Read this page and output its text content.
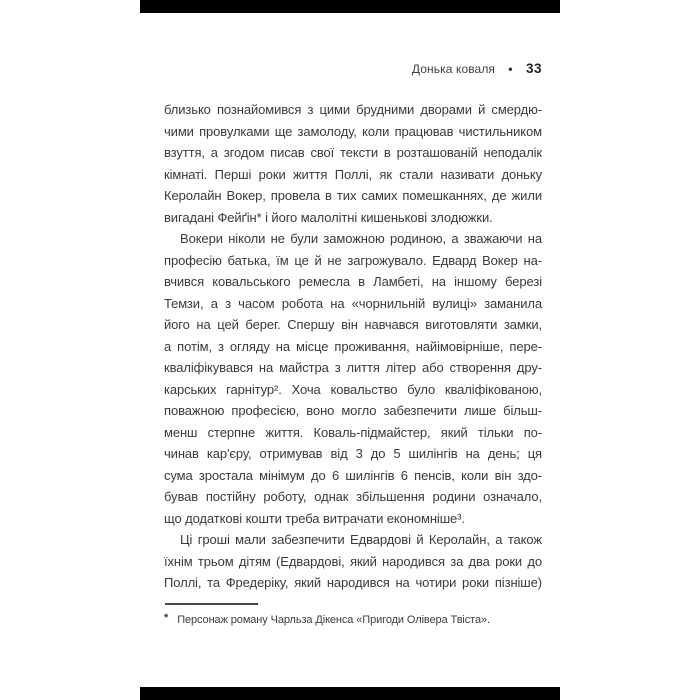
Донька коваля ● 33
близько познайомився з цими брудними дворами й смердю-
чими провулками ще замолоду, коли працював чистильником
взуття, а згодом писав свої тексти в розташованій неподалік
кімнаті. Перші роки життя Поллі, як стали називати доньку
Керолайн Вокер, провела в тих самих помешканнях, де жили
вигадані Фейґін* і його малолітні кишенькові злодюжки.
Вокери ніколи не були заможною родиною, а зважаючи на
професію батька, їм це й не загрожувало. Едвард Вокер на-
вчився ковальського ремесла в Ламбеті, на іншому березі
Темзи, а з часом робота на «чорнильній вулиці» заманила
його на цей берег. Спершу він навчався виготовляти замки,
а потім, з огляду на місце проживання, найімовірніше, пере-
кваліфікувався на майстра з лиття літер або створення дру-
карських гарнітур². Хоча ковальство було кваліфікованою,
поважною професією, воно могло забезпечити лише більш-
менш стерпне життя. Коваль-підмайстер, який тільки по-
чинав кар'єру, отримував від 3 до 5 шилінгів на день; ця
сума зростала мінімум до 6 шилінгів 6 пенсів, коли він здо-
бував постійну роботу, однак збільшення родини означало,
що додаткові кошти треба витрачати економніше³.
Ці гроші мали забезпечити Едвардові й Керолайн, а також
їхнім трьом дітям (Едвардові, який народився за два роки до
Поллі, та Фредеріку, який народився на чотири роки пізніше)
* Персонаж роману Чарльза Дікенса «Пригоди Олівера Твіста».
